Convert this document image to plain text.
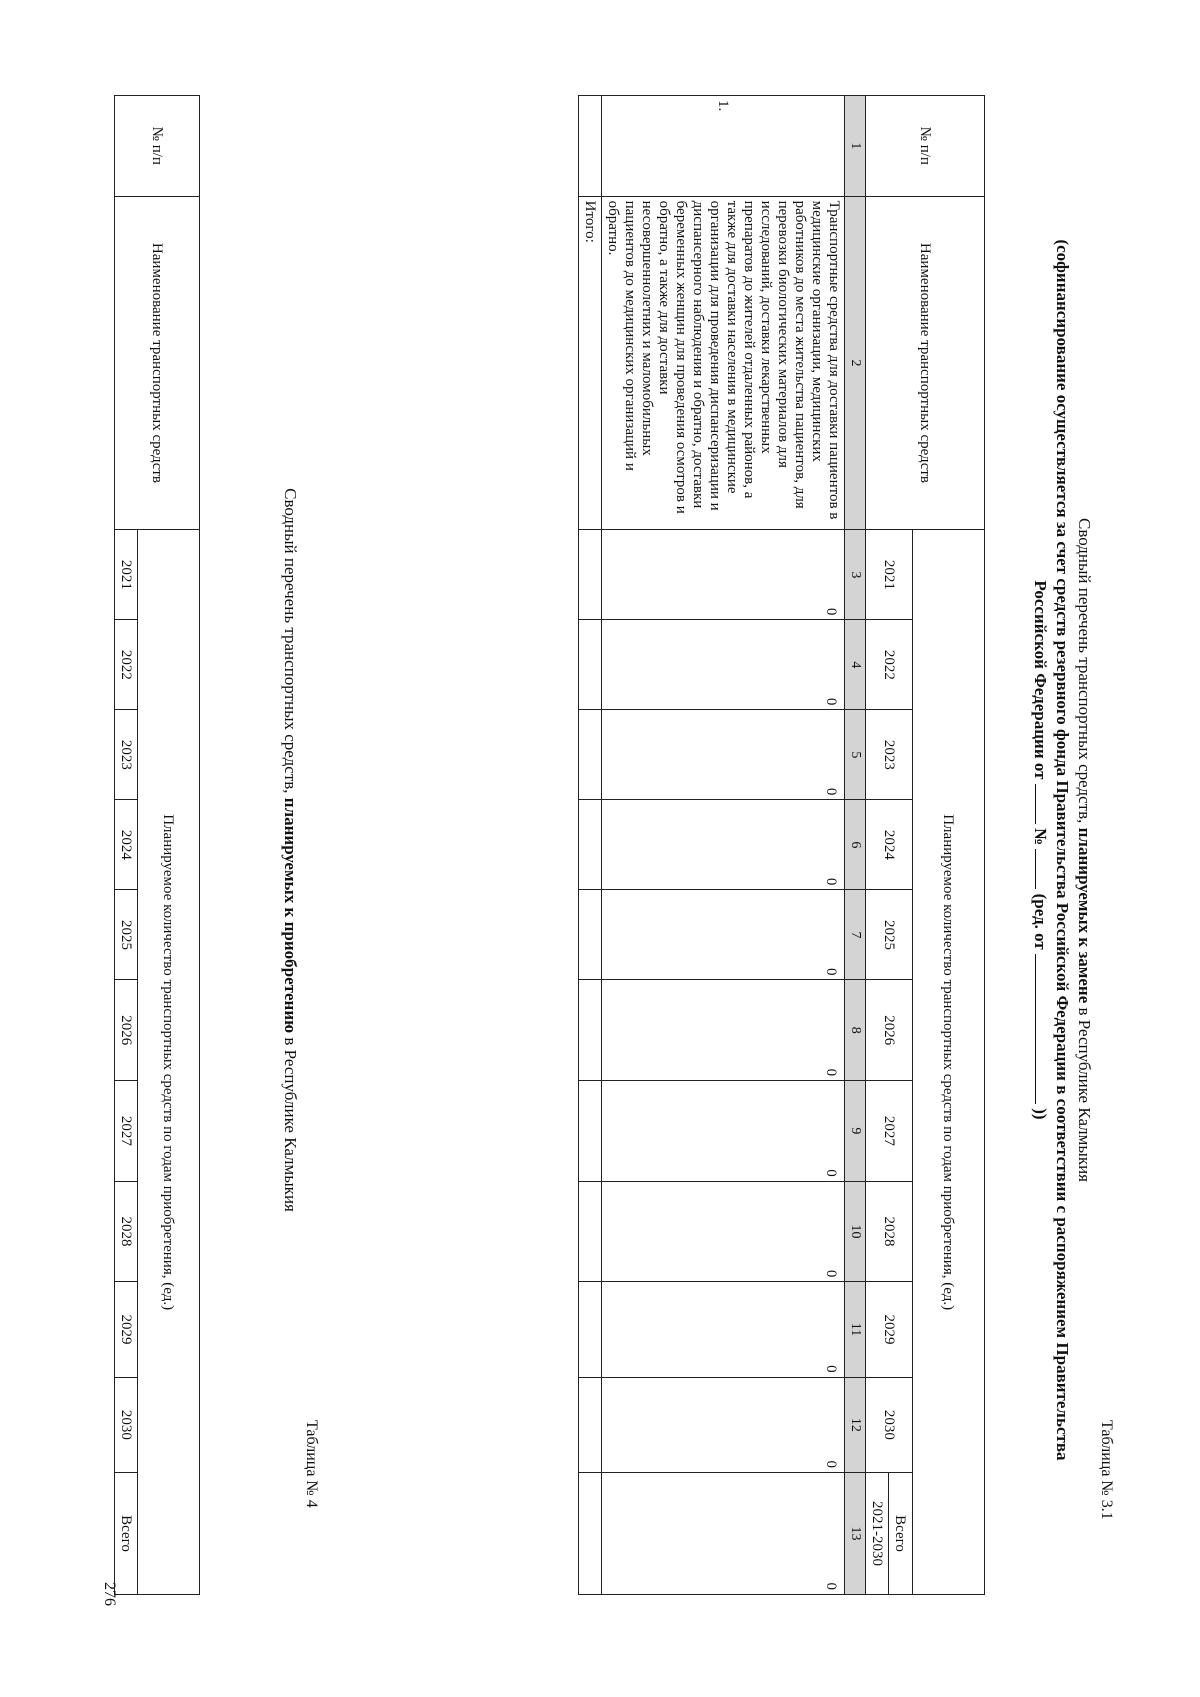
Таблица № 3.1
Сводный перечень транспортных средств, планируемых к замене в Республике Калмыкия
(софинансирование осуществляется за счет средств резервного фонда Правительства Российской Федерации в соответствии с распоряжением Правительства
Российской Федерации от  №  (ред. от  ))
№ п/п	Наименование транспортных средств	Планируемое количество транспортных средств по годам приобретения, (ед.)										
		2021	2022	2023	2024	2025	2026	2027	2028	2029	2030	Всего
												2021-2030
1	2	3	4	5	6	7	8	9	10	11	12	13
1.	Транспортные средства для доставки пациентов в медицинские организации, медицинских работников до места жительства пациентов, для перевозки биологических материалов для исследований, доставки лекарственных препаратов до жителей отдаленных районов, а также для доставки населения в медицинские организации для проведения диспансеризации и диспансерного наблюдения и обратно, доставки беременных женщин для проведения осмотров и обратно, а также для доставки несовершеннолетних и маломобильных пациентов до медицинских организаций и обратно.	0	0	0	0	0	0	0	0	0	0	0
	Итого:											
Таблица № 4
Сводный перечень транспортных средств, планируемых к приобретению в Республике Калмыкия
№ п/п	Наименование транспортных средств	Планируемое количество транспортных средств по годам приобретения, (ед.)										
		2021	2022	2023	2024	2025	2026	2027	2028	2029	2030	Всего
276
